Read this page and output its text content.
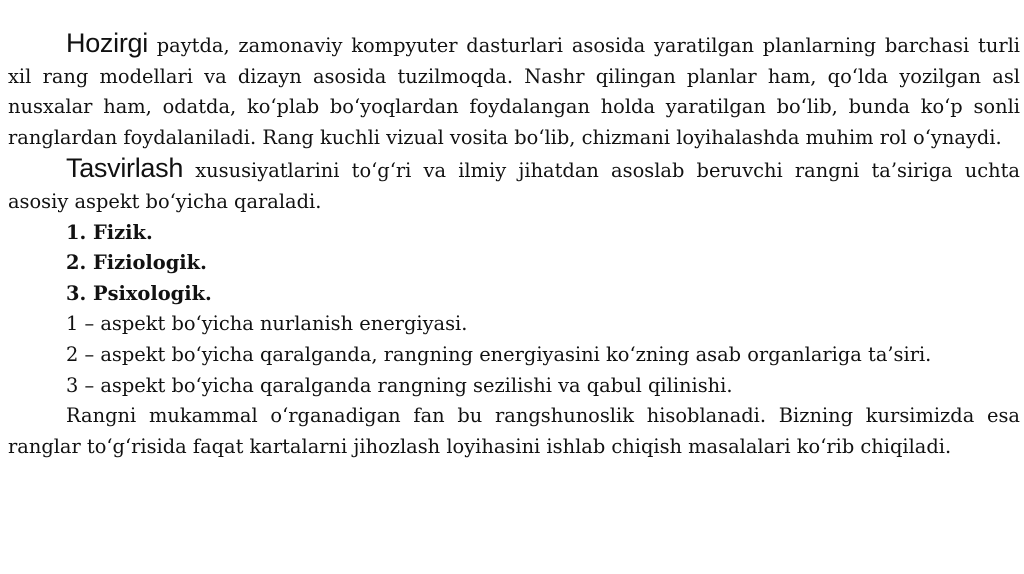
Hozirgi paytda, zamonaviy kompyuter dasturlari asosida yaratilgan planlarning barchasi turli xil rang modellari va dizayn asosida tuzilmoqda. Nashr qilingan planlar ham, qo‘lda yozilgan asl nusxalar ham, odatda, ko‘plab bo‘yoqlardan foydalangan holda yaratilgan bo‘lib, bunda ko‘p sonli ranglardan foydalaniladi. Rang kuchli vizual vosita bo‘lib, chizmani loyihalashda muhim rol o‘ynaydi.

Tasvirlash xususiyatlarini to‘g‘ri va ilmiy jihatdan asoslab beruvchi rangni ta’siriga uchta asosiy aspekt bo‘yicha qaraladi.

1. Fizik.

2. Fiziologik.

3. Psixologik.

1 – aspekt bo‘yicha nurlanish energiyasi.

2 – aspekt bo‘yicha qaralganda, rangning energiyasini ko‘zning asab organlariga ta’siri.

3 – aspekt bo‘yicha qaralganda rangning sezilishi va qabul qilinishi.

Rangni mukammal o‘rganadigan fan bu rangshunoslik hisoblanadi. Bizning kursimizda esa ranglar to‘g‘risida faqat kartalarni jihozlash loyihasini ishlab chiqish masalalari ko‘rib chiqiladi.
